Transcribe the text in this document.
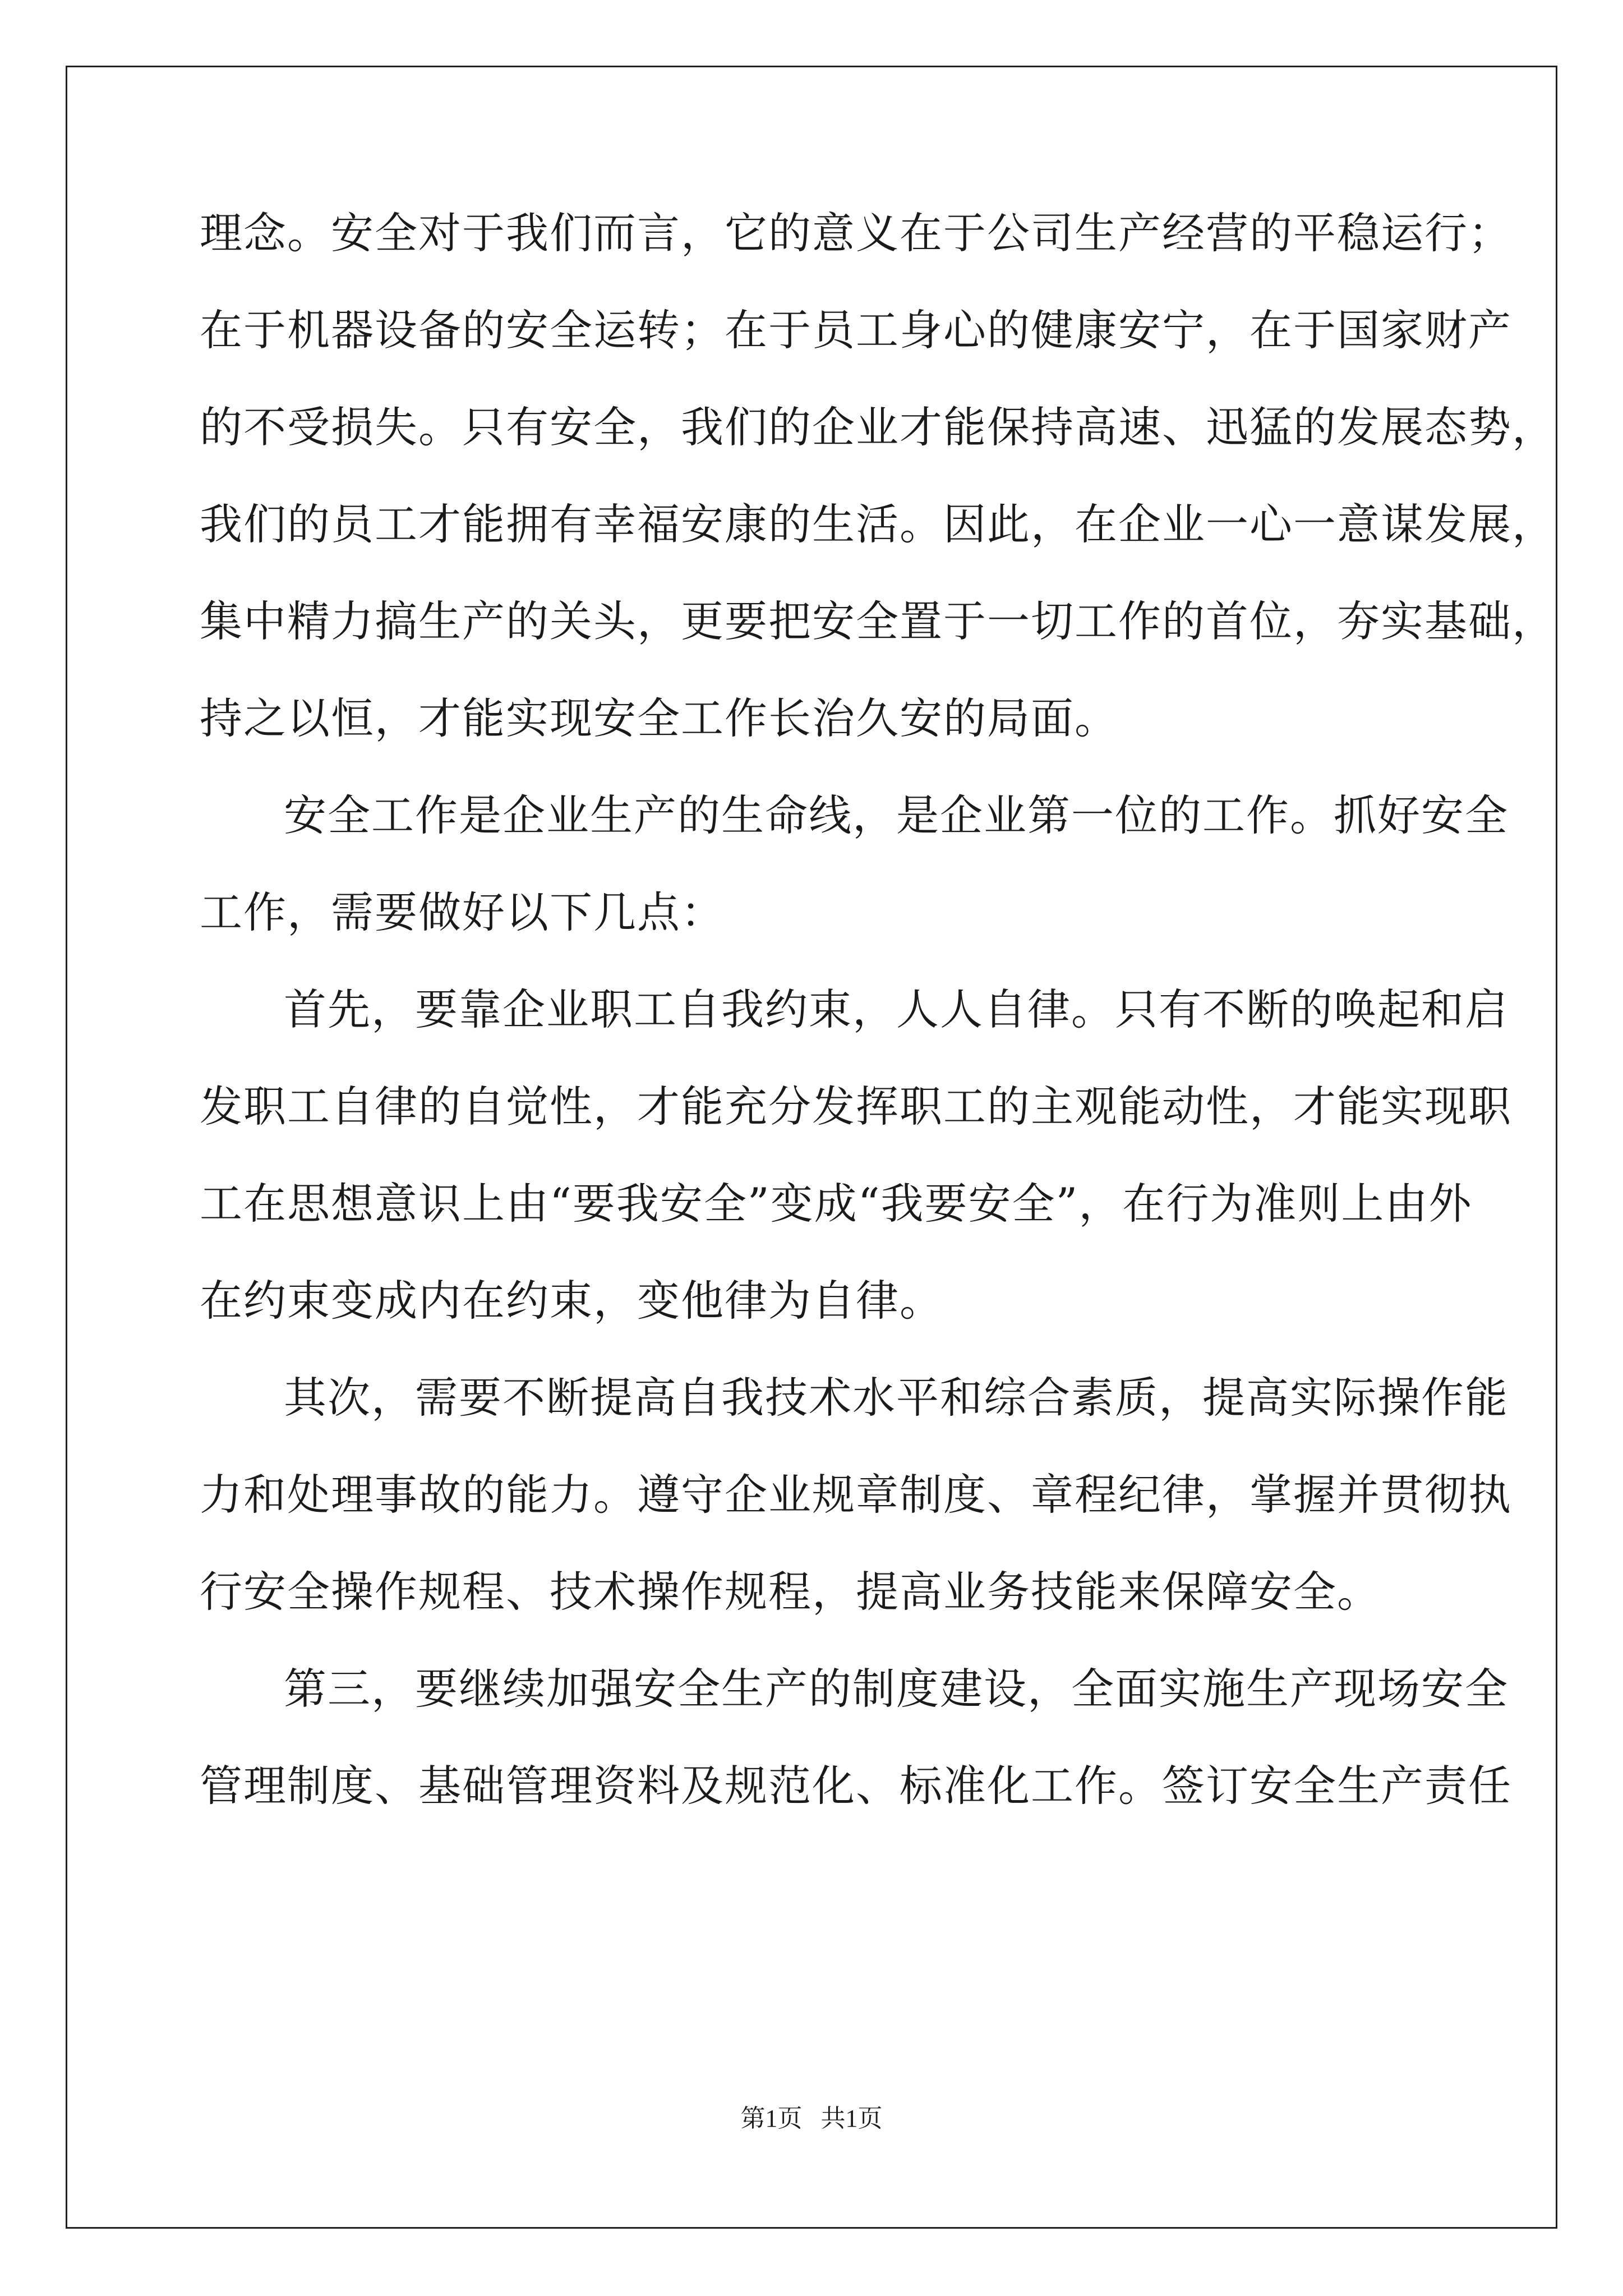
理念。安全对于我们而言，它的意义在于公司生产经营的平稳运行；
在于机器设备的安全运转；在于员工身心的健康安宁，在于国家财产
的不受损失。只有安全，我们的企业才能保持高速、迅猛的发展态势，
我们的员工才能拥有幸福安康的生活。因此，在企业一心一意谋发展，
集中精力搞生产的关头，更要把安全置于一切工作的首位，夯实基础，
持之以恒，才能实现安全工作长治久安的局面。
安全工作是企业生产的生命线，是企业第一位的工作。抓好安全
工作，需要做好以下几点：
首先，要靠企业职工自我约束，人人自律。只有不断的唤起和启
发职工自律的自觉性，才能充分发挥职工的主观能动性，才能实现职
工在思想意识上由“要我安全”变成“我要安全”，在行为准则上由外
在约束变成内在约束，变他律为自律。
其次，需要不断提高自我技术水平和综合素质，提高实际操作能
力和处理事故的能力。遵守企业规章制度、章程纪律，掌握并贯彻执
行安全操作规程、技术操作规程，提高业务技能来保障安全。
第三，要继续加强安全生产的制度建设，全面实施生产现场安全
管理制度、基础管理资料及规范化、标准化工作。签订安全生产责任
第1页   共1页
